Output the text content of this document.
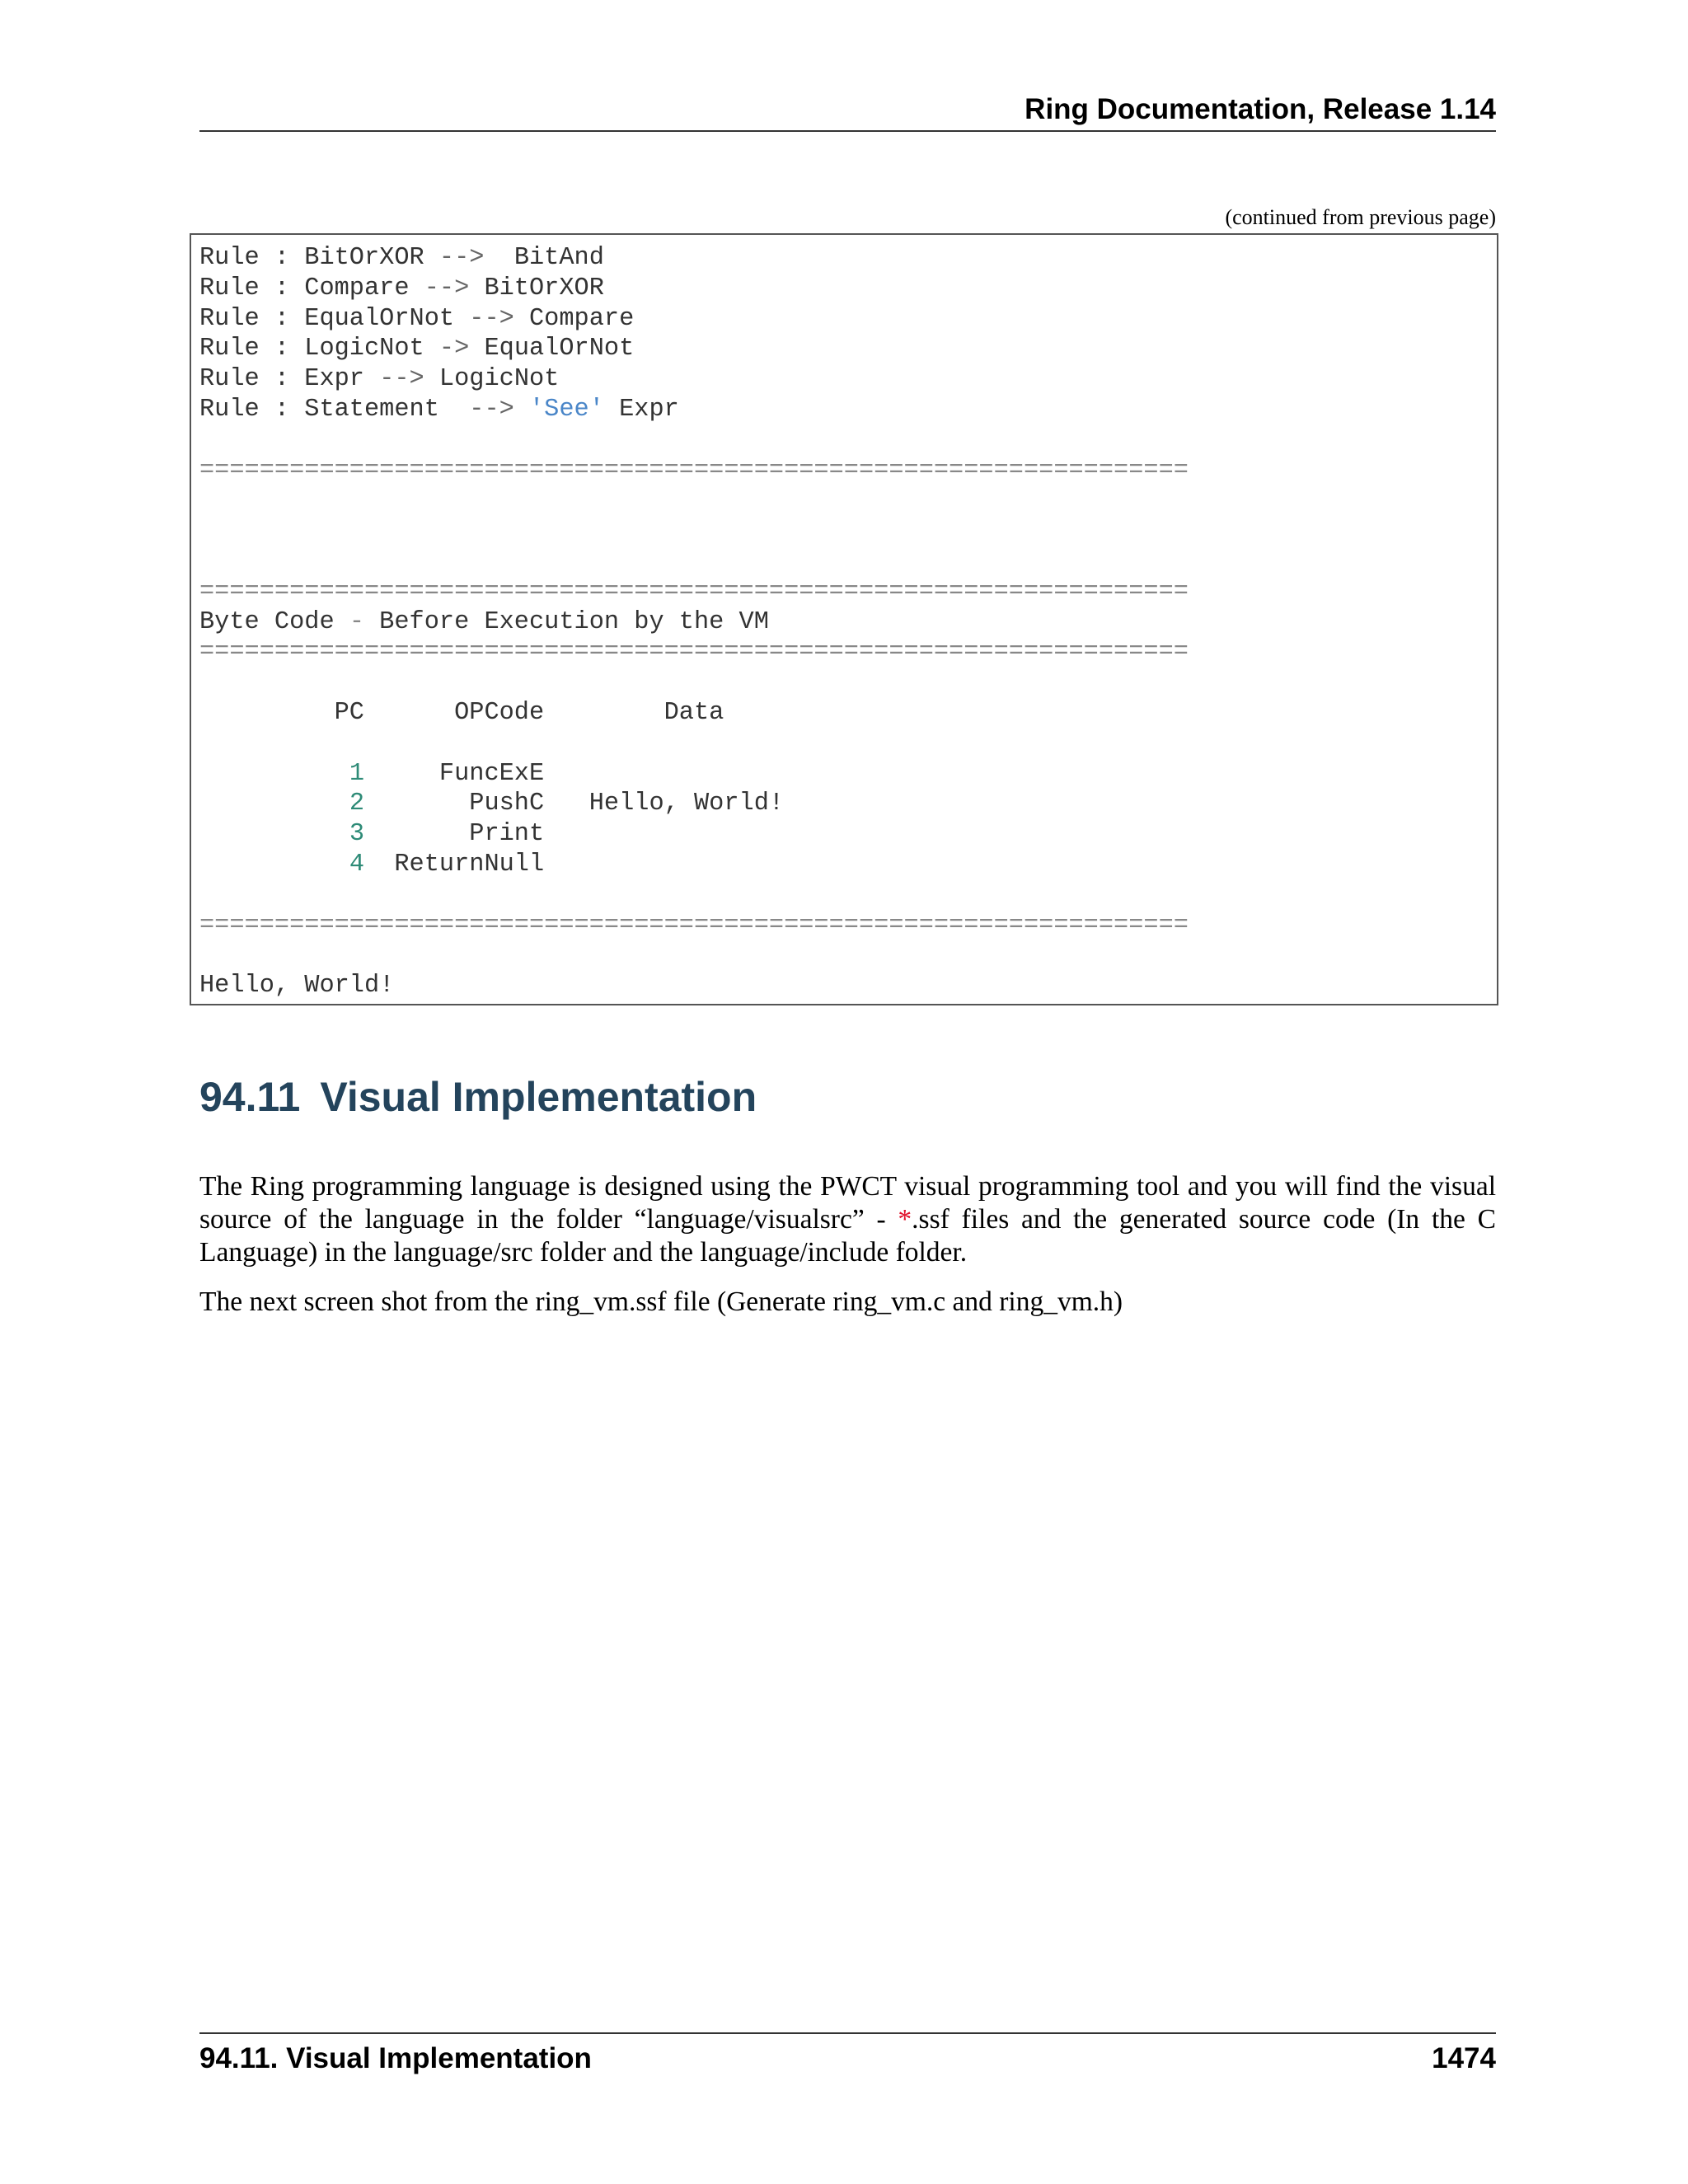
Ring Documentation, Release 1.14
(continued from previous page)
Rule : BitOrXOR -->  BitAnd
Rule : Compare --> BitOrXOR
Rule : EqualOrNot --> Compare
Rule : LogicNot -> EqualOrNot
Rule : Expr --> LogicNot
Rule : Statement  --> 'See' Expr
==================================================================
==================================================================
Byte Code - Before Execution by the VM
==================================================================
PC      OPCode        Data
1     FuncExE
2       PushC   Hello, World!
3       Print
4  ReturnNull
==================================================================
Hello, World!
94.11 Visual Implementation

The Ring programming language is designed using the PWCT visual programming tool and you will find the visual source of the language in the folder “language/visualsrc” - *.ssf files and the generated source code (In the C Language) in the language/src folder and the language/include folder.

The next screen shot from the ring_vm.ssf file (Generate ring_vm.c and ring_vm.h)

94.11. Visual Implementation	1474
